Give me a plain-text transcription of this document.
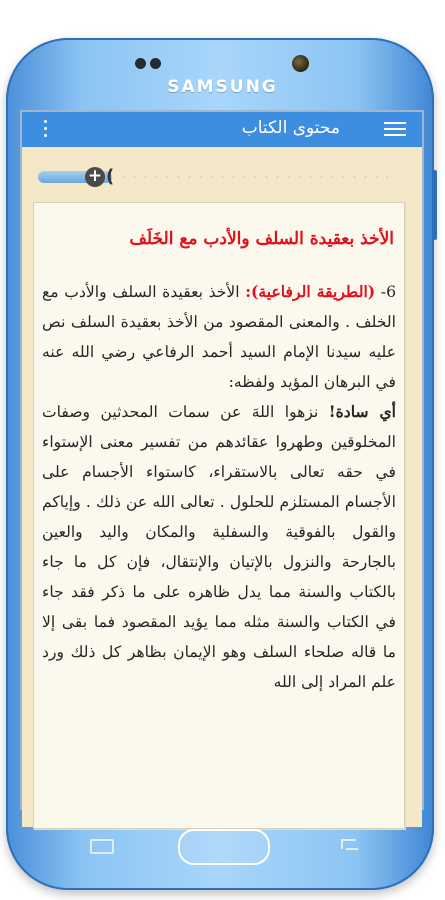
SAMSUNG
محتوى الكتاب
+ (
الأخذ بعقيدة السلف والأدب مع الخَلَف

6- (الطريقة الرفاعية): الأخذ بعقيدة السلف والأدب مع الخلف . والمعنى المقصود من الأخذ بعقيدة السلف نص عليه سيدنا الإمام السيد أحمد الرفاعي رضي الله عنه في البرهان المؤيد ولفظه:

أي سادة! نزهوا اللهَ عن سمات المحدثين وصفات المخلوقين وطهروا عقائدهم من تفسير معنى الإستواء في حقه تعالى بالاستقراء، كاستواء الأجسام على الأجسام المستلزم للحلول . تعالى الله عن ذلك . وإياكم والقول بالفوقية والسفلية والمكان واليد والعين بالجارحة والنزول بالإتيان والإنتقال، فإن كل ما جاء بالكتاب والسنة مما يدل ظاهره على ما ذكر فقد جاء في الكتاب والسنة مثله مما يؤيد المقصود فما بقى إلا ما قاله صلحاء السلف وهو الإيمان بظاهر كل ذلك ورد علم المراد إلى الله
